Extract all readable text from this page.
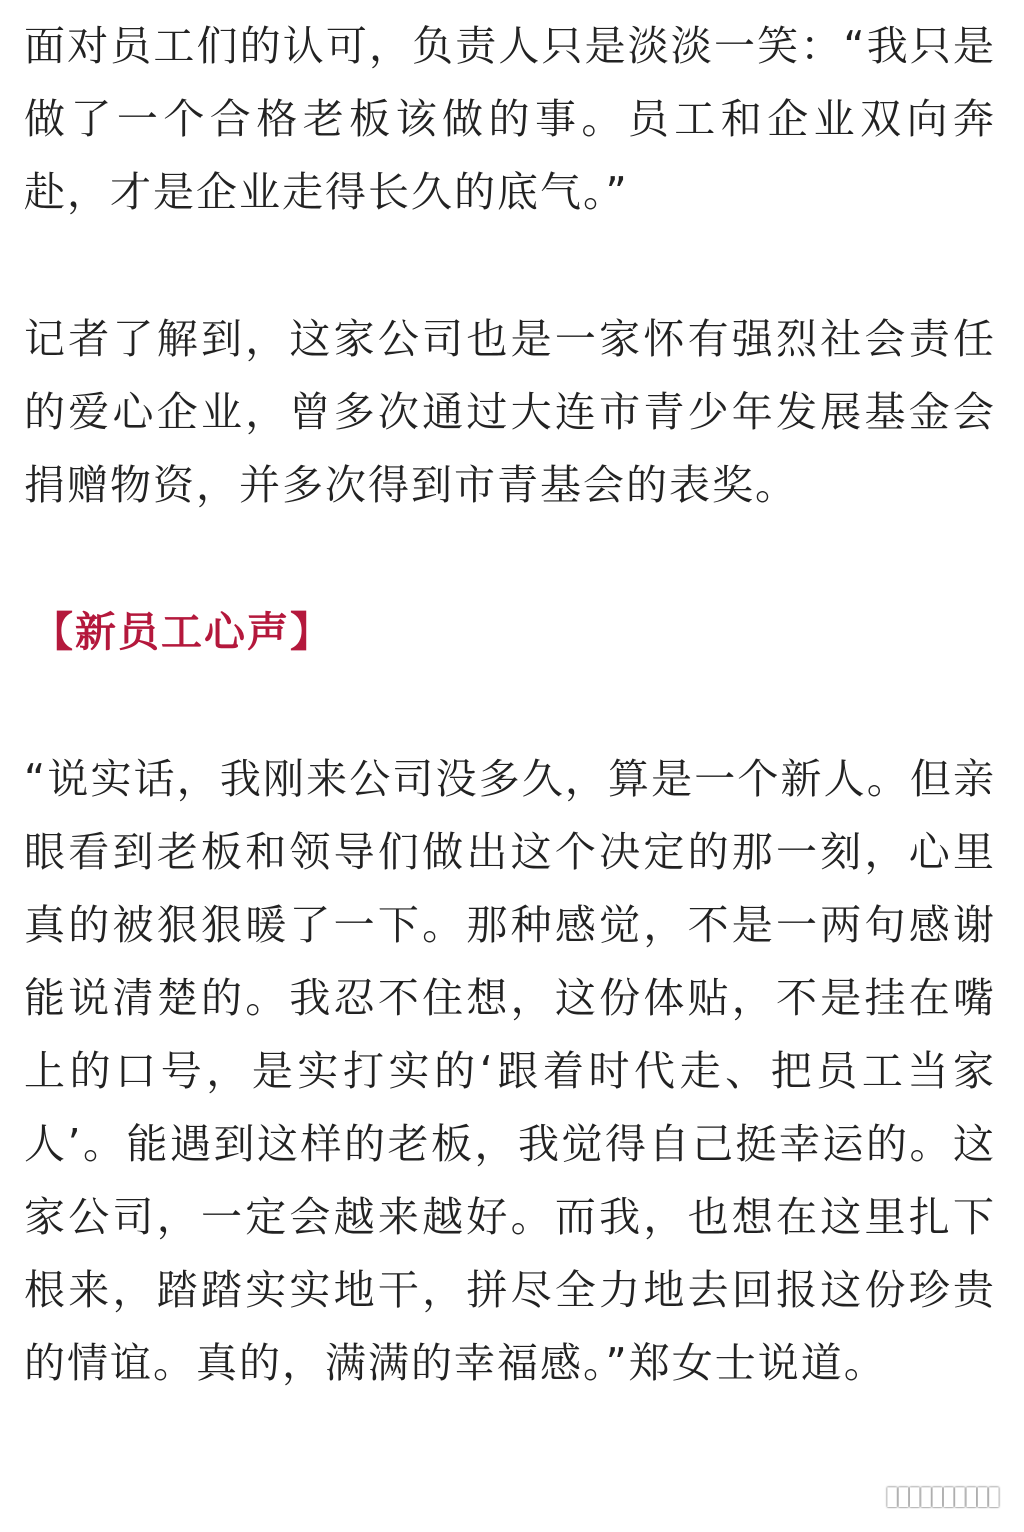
面对员工们的认可，负责人只是淡淡一笑：“我只是做了一个合格老板该做的事。员工和企业双向奔赴，才是企业走得长久的底气。”

记者了解到，这家公司也是一家怀有强烈社会责任的爱心企业，曾多次通过大连市青少年发展基金会捐赠物资，并多次得到市青基会的表奖。

【新员工心声】

“说实话，我刚来公司没多久，算是一个新人。但亲眼看到老板和领导们做出这个决定的那一刻，心里真的被狠狠暖了一下。那种感觉，不是一两句感谢能说清楚的。我忍不住想，这份体贴，不是挂在嘴上的口号，是实打实的‘跟着时代走、把员工当家人’。能遇到这样的老板，我觉得自己挺幸运的。这家公司，一定会越来越好。而我，也想在这里扎下根来，踏踏实实地干，拼尽全力地去回报这份珍贵的情谊。真的，满满的幸福感。”郑女士说道。

▮▮▮▮▮▮▮▮▮▮
